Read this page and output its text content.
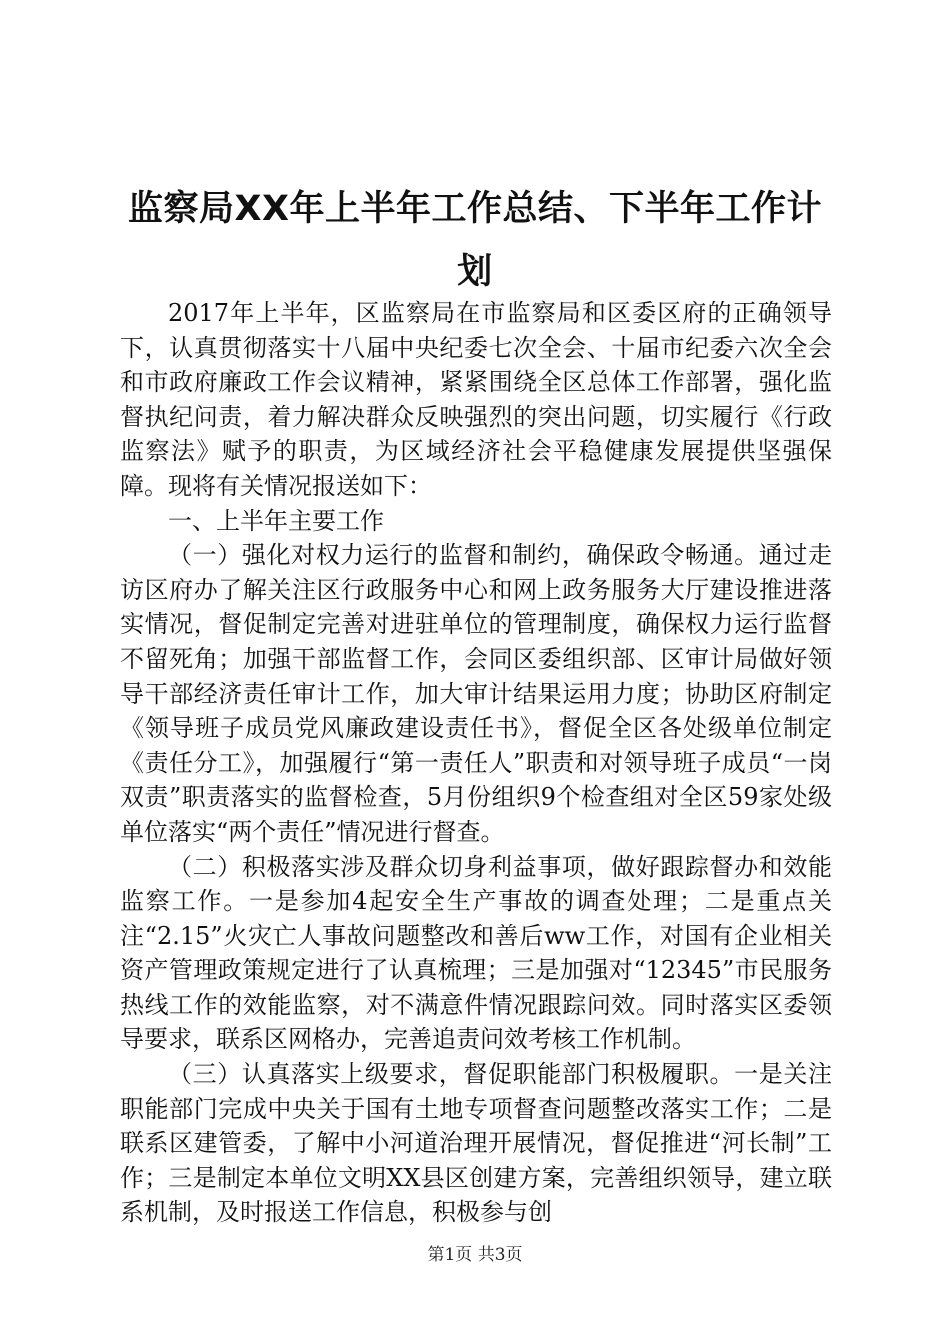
监察局XX年上半年工作总结、下半年工作计划

2017年上半年，区监察局在市监察局和区委区府的正确领导下，认真贯彻落实十八届中央纪委七次全会、十届市纪委六次全会和市政府廉政工作会议精神，紧紧围绕全区总体工作部署，强化监督执纪问责，着力解决群众反映强烈的突出问题，切实履行《行政监察法》赋予的职责，为区域经济社会平稳健康发展提供坚强保障。现将有关情况报送如下：

一、上半年主要工作

（一）强化对权力运行的监督和制约，确保政令畅通。通过走访区府办了解关注区行政服务中心和网上政务服务大厅建设推进落实情况，督促制定完善对进驻单位的管理制度，确保权力运行监督不留死角；加强干部监督工作，会同区委组织部、区审计局做好领导干部经济责任审计工作，加大审计结果运用力度；协助区府制定《领导班子成员党风廉政建设责任书》，督促全区各处级单位制定《责任分工》，加强履行“第一责任人”职责和对领导班子成员“一岗双责”职责落实的监督检查，5月份组织9个检查组对全区59家处级单位落实“两个责任”情况进行督查。

（二）积极落实涉及群众切身利益事项，做好跟踪督办和效能监察工作。一是参加4起安全生产事故的调查处理；二是重点关注“2.15”火灾亡人事故问题整改和善后ww工作，对国有企业相关资产管理政策规定进行了认真梳理；三是加强对“12345”市民服务热线工作的效能监察，对不满意件情况跟踪问效。同时落实区委领导要求，联系区网格办，完善追责问效考核工作机制。

（三）认真落实上级要求，督促职能部门积极履职。一是关注职能部门完成中央关于国有土地专项督查问题整改落实工作；二是联系区建管委，了解中小河道治理开展情况，督促推进“河长制”工作；三是制定本单位文明XX县区创建方案，完善组织领导，建立联系机制，及时报送工作信息，积极参与创

第1页 共3页
